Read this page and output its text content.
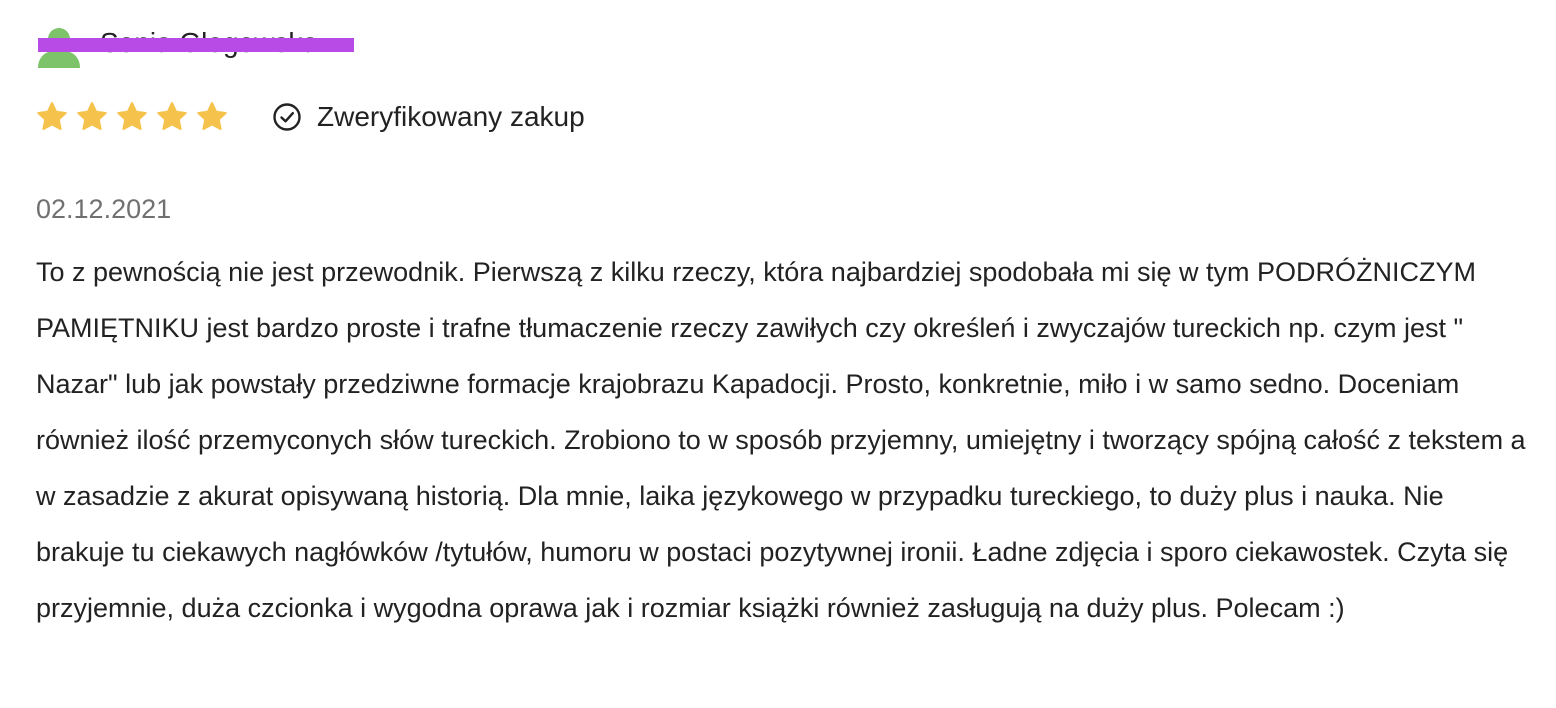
Zweryfikowany zakup
02.12.2021

To z pewnością nie jest przewodnik. Pierwszą z kilku rzeczy, która najbardziej spodobała mi się w tym PODRÓŻNICZYM PAMIĘTNIKU jest bardzo proste i trafne tłumaczenie rzeczy zawiłych czy określeń i zwyczajów tureckich np. czym jest " Nazar" lub jak powstały przedziwne formacje krajobrazu Kapadocji. Prosto, konkretnie, miło i w samo sedno. Doceniam również ilość przemyconych słów tureckich. Zrobiono to w sposób przyjemny, umiejętny i tworzący spójną całość z tekstem a w zasadzie z akurat opisywaną historią. Dla mnie, laika językowego w przypadku tureckiego, to duży plus i nauka. Nie brakuje tu ciekawych nagłówków /tytułów, humoru w postaci pozytywnej ironii. Ładne zdjęcia i sporo ciekawostek. Czyta się przyjemnie, duża czcionka i wygodna oprawa jak i rozmiar książki również zasługują na duży plus. Polecam :)
